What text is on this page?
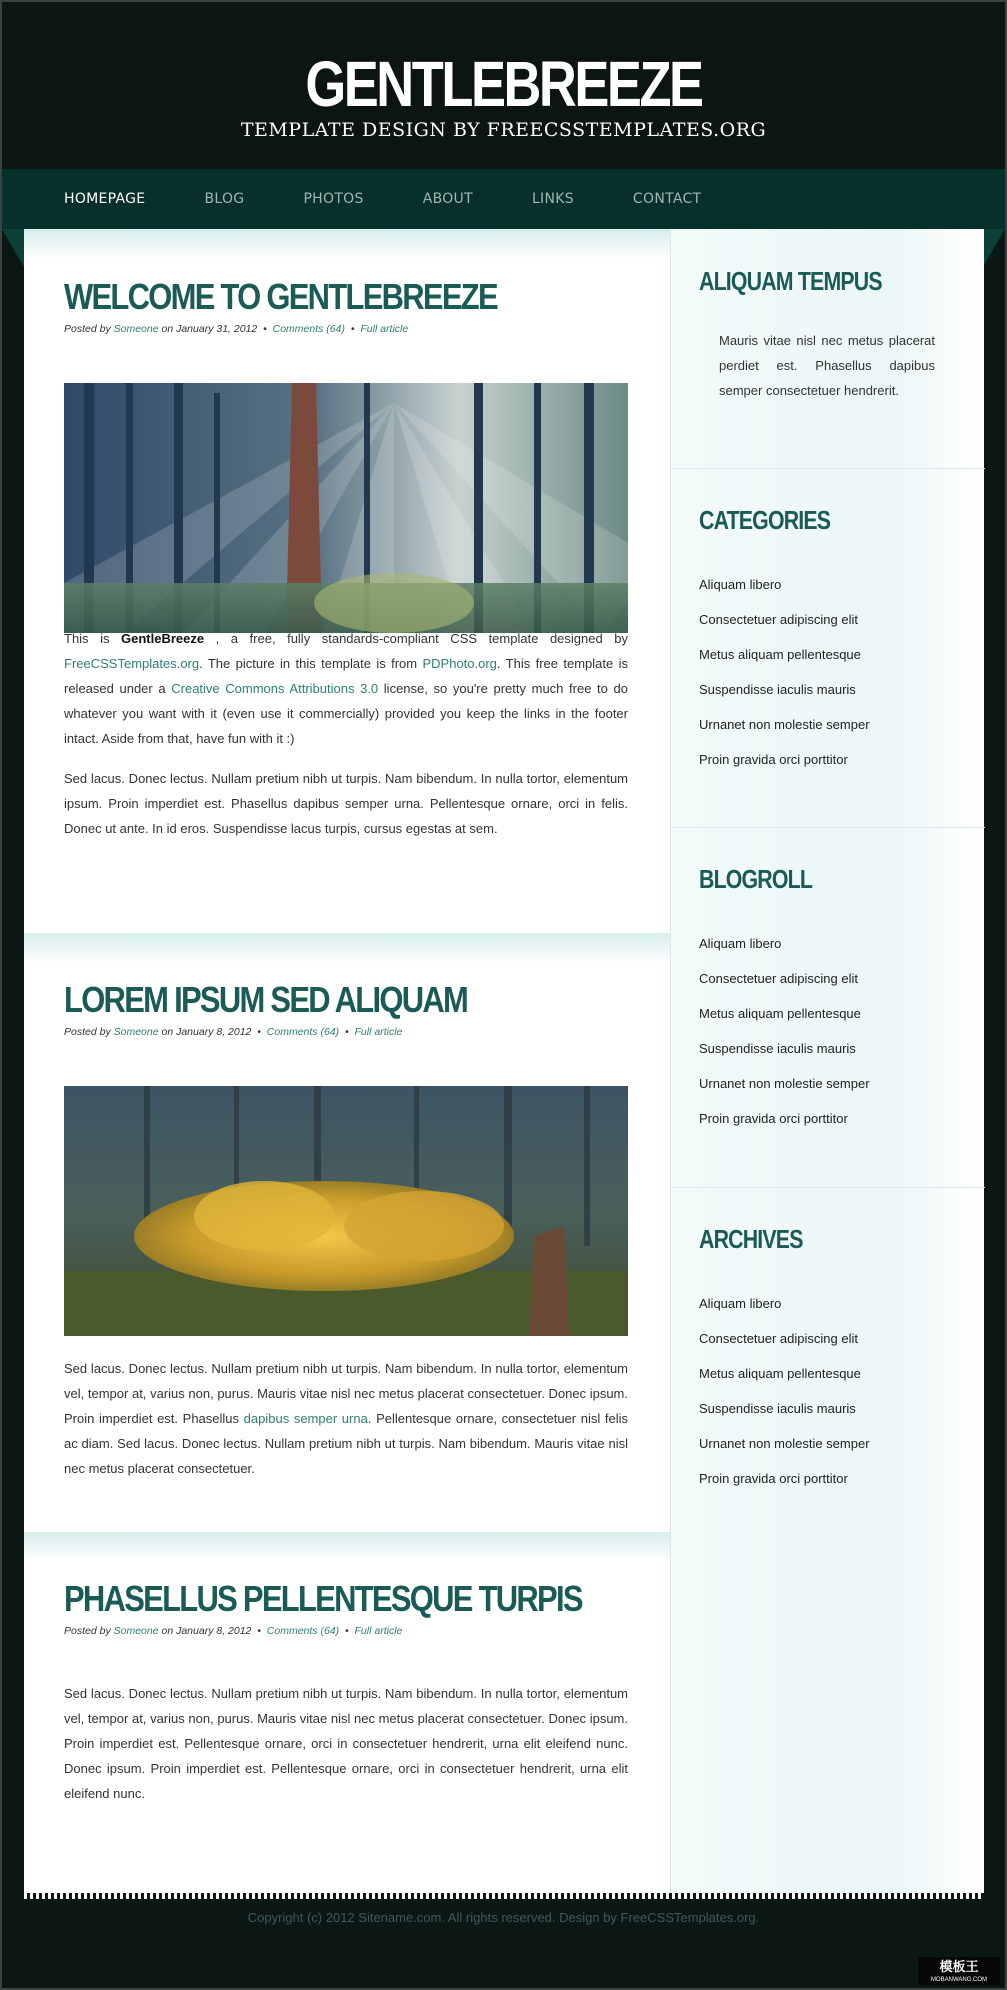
GENTLEBREEZE
TEMPLATE DESIGN BY FREECSSTEMPLATES.ORG
HOMEPAGE	BLOG	PHOTOS	ABOUT	LINKS	CONTACT
WELCOME TO GENTLEBREEZE
Posted by Someone on January 31, 2012 • Comments (64) • Full article

This is GentleBreeze , a free, fully standards-compliant CSS template designed by FreeCSSTemplates.org. The picture in this template is from PDPhoto.org. This free template is released under a Creative Commons Attributions 3.0 license, so you're pretty much free to do whatever you want with it (even use it commercially) provided you keep the links in the footer intact. Aside from that, have fun with it :)

Sed lacus. Donec lectus. Nullam pretium nibh ut turpis. Nam bibendum. In nulla tortor, elementum ipsum. Proin imperdiet est. Phasellus dapibus semper urna. Pellentesque ornare, orci in felis. Donec ut ante. In id eros. Suspendisse lacus turpis, cursus egestas at sem.

LOREM IPSUM SED ALIQUAM
Posted by Someone on January 8, 2012 • Comments (64) • Full article

Sed lacus. Donec lectus. Nullam pretium nibh ut turpis. Nam bibendum. In nulla tortor, elementum vel, tempor at, varius non, purus. Mauris vitae nisl nec metus placerat consectetuer. Donec ipsum. Proin imperdiet est. Phasellus dapibus semper urna. Pellentesque ornare, consectetuer nisl felis ac diam. Sed lacus. Donec lectus. Nullam pretium nibh ut turpis. Nam bibendum. Mauris vitae nisl nec metus placerat consectetuer.

PHASELLUS PELLENTESQUE TURPIS
Posted by Someone on January 8, 2012 • Comments (64) • Full article

Sed lacus. Donec lectus. Nullam pretium nibh ut turpis. Nam bibendum. In nulla tortor, elementum vel, tempor at, varius non, purus. Mauris vitae nisl nec metus placerat consectetuer. Donec ipsum. Proin imperdiet est. Pellentesque ornare, orci in consectetuer hendrerit, urna elit eleifend nunc. Donec ipsum. Proin imperdiet est. Pellentesque ornare, orci in consectetuer hendrerit, urna elit eleifend nunc.

ALIQUAM TEMPUS

Mauris vitae nisl nec metus placerat perdiet est. Phasellus dapibus semper consectetuer hendrerit.

CATEGORIES
Aliquam libero
Consectetuer adipiscing elit
Metus aliquam pellentesque
Suspendisse iaculis mauris
Urnanet non molestie semper
Proin gravida orci porttitor
BLOGROLL
Aliquam libero
Consectetuer adipiscing elit
Metus aliquam pellentesque
Suspendisse iaculis mauris
Urnanet non molestie semper
Proin gravida orci porttitor
ARCHIVES
Aliquam libero
Consectetuer adipiscing elit
Metus aliquam pellentesque
Suspendisse iaculis mauris
Urnanet non molestie semper
Proin gravida orci porttitor
Copyright (c) 2012 Sitename.com. All rights reserved. Design by FreeCSSTemplates.org.
模板王
MOBANWANG.COM
